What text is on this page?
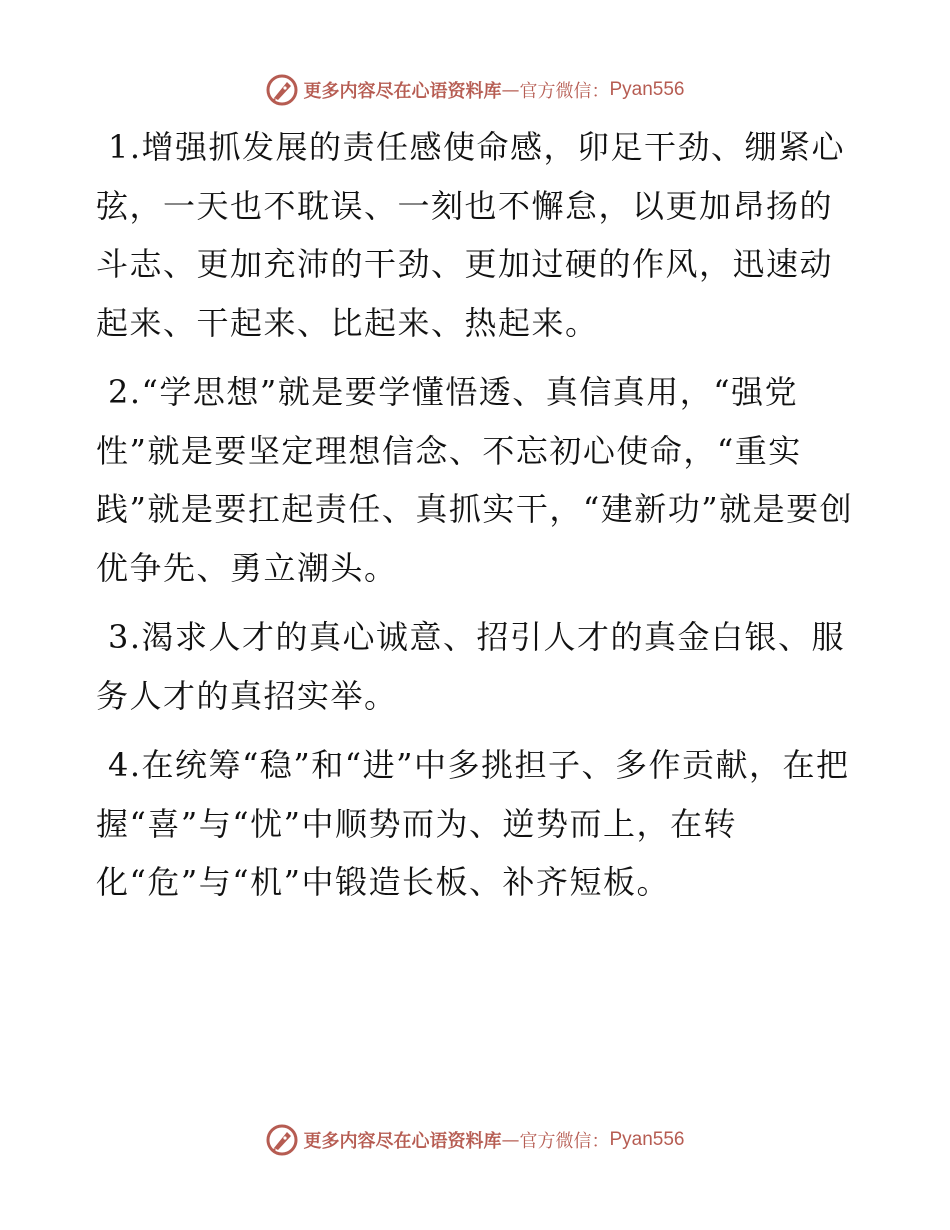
更多内容尽在心语资料库 — 官方微信： Pyan556

1.增强抓发展的责任感使命感，卯足干劲、绷紧心弦，一天也不耽误、一刻也不懈怠，以更加昂扬的斗志、更加充沛的干劲、更加过硬的作风，迅速动起来、干起来、比起来、热起来。

2.“学思想”就是要学懂悟透、真信真用，“强党性”就是要坚定理想信念、不忘初心使命，“重实践”就是要扛起责任、真抓实干，“建新功”就是要创优争先、勇立潮头。

3.渴求人才的真心诚意、招引人才的真金白银、服务人才的真招实举。

4.在统筹“稳”和“进”中多挑担子、多作贡献，在把握“喜”与“忧”中顺势而为、逆势而上，在转化“危”与“机”中锻造长板、补齐短板。

更多内容尽在心语资料库 — 官方微信： Pyan556
